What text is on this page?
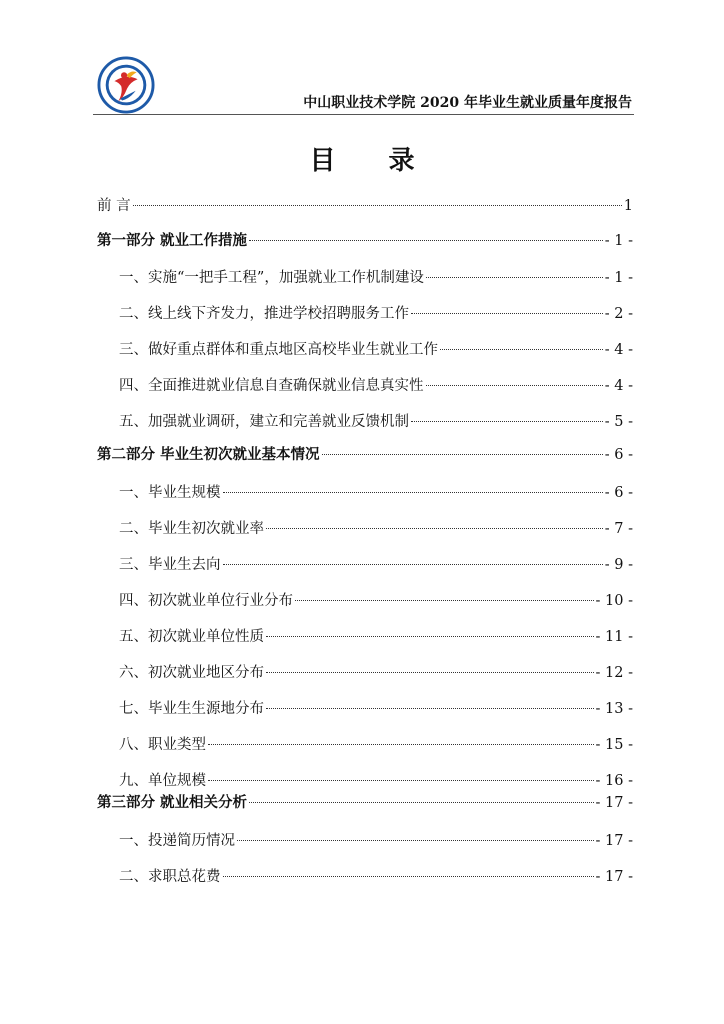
中山职业技术学院 2020 年毕业生就业质量年度报告
目 录
前 言	1
第一部分 就业工作措施	- 1 -
一、实施“一把手工程”，加强就业工作机制建设	- 1 -
二、线上线下齐发力，推进学校招聘服务工作	- 2 -
三、做好重点群体和重点地区高校毕业生就业工作	- 4 -
四、全面推进就业信息自查确保就业信息真实性	- 4 -
五、加强就业调研，建立和完善就业反馈机制	- 5 -
第二部分 毕业生初次就业基本情况	- 6 -
一、毕业生规模	- 6 -
二、毕业生初次就业率	- 7 -
三、毕业生去向	- 9 -
四、初次就业单位行业分布	- 10 -
五、初次就业单位性质	- 11 -
六、初次就业地区分布	- 12 -
七、毕业生生源地分布	- 13 -
八、职业类型	- 15 -
九、单位规模	- 16 -
第三部分 就业相关分析	- 17 -
一、投递简历情况	- 17 -
二、求职总花费	- 17 -
